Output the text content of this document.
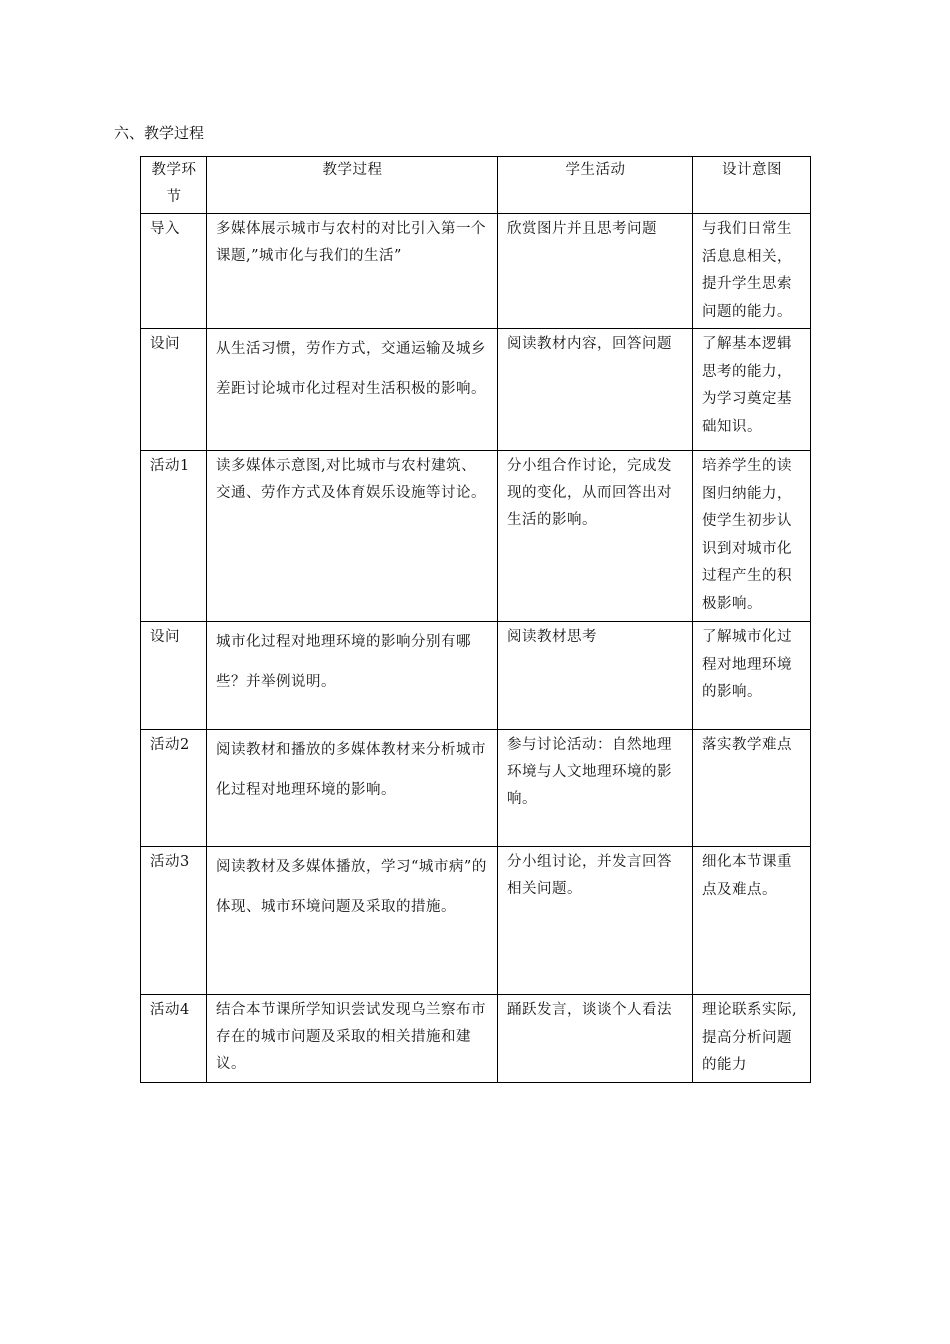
六、教学过程
教学环节	教学过程	学生活动	设计意图
导入	多媒体展示城市与农村的对比引入第一个课题,”城市化与我们的生活”	欣赏图片并且思考问题	与我们日常生活息息相关，提升学生思索问题的能力。
设问	从生活习惯，劳作方式，交通运输及城乡差距讨论城市化过程对生活积极的影响。	阅读教材内容，回答问题	了解基本逻辑思考的能力，为学习奠定基础知识。
活动1	读多媒体示意图,对比城市与农村建筑、交通、劳作方式及体育娱乐设施等讨论。	分小组合作讨论，完成发现的变化，从而回答出对生活的影响。	培养学生的读图归纳能力，使学生初步认识到对城市化过程产生的积极影响。
设问	城市化过程对地理环境的影响分别有哪些？并举例说明。	阅读教材思考	了解城市化过程对地理环境的影响。
活动2	阅读教材和播放的多媒体教材来分析城市化过程对地理环境的影响。	参与讨论活动：自然地理环境与人文地理环境的影响。	落实教学难点
活动3	阅读教材及多媒体播放，学习“城市病”的体现、城市环境问题及采取的措施。	分小组讨论，并发言回答相关问题。	细化本节课重点及难点。
活动4	结合本节课所学知识尝试发现乌兰察布市存在的城市问题及采取的相关措施和建议。	踊跃发言，谈谈个人看法	理论联系实际,提高分析问题的能力
